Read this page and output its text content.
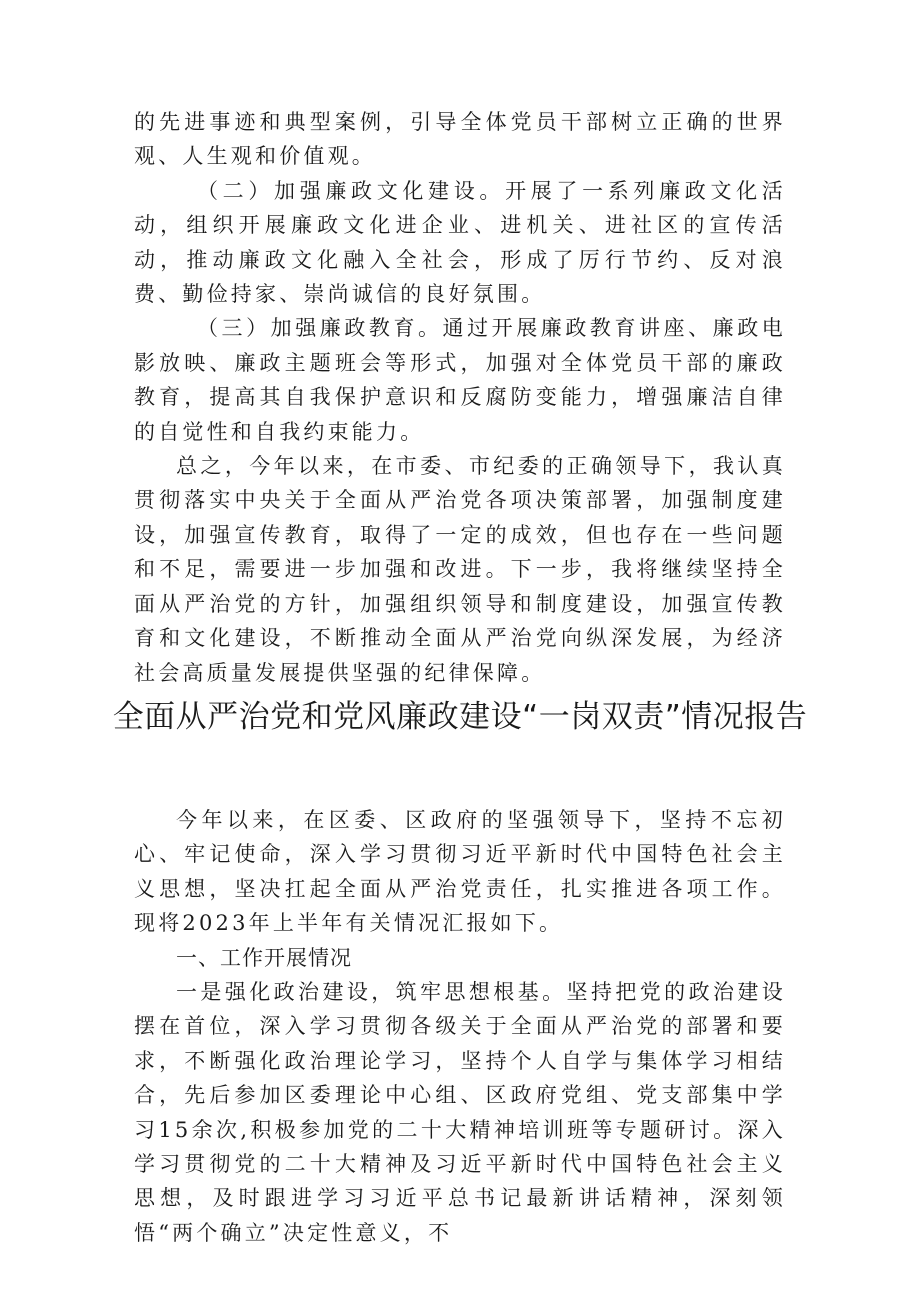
的先进事迹和典型案例，引导全体党员干部树立正确的世界观、人生观和价值观。

（二）加强廉政文化建设。开展了一系列廉政文化活动，组织开展廉政文化进企业、进机关、进社区的宣传活动，推动廉政文化融入全社会，形成了厉行节约、反对浪费、勤俭持家、崇尚诚信的良好氛围。

（三）加强廉政教育。通过开展廉政教育讲座、廉政电影放映、廉政主题班会等形式，加强对全体党员干部的廉政教育，提高其自我保护意识和反腐防变能力，增强廉洁自律的自觉性和自我约束能力。

总之，今年以来，在市委、市纪委的正确领导下，我认真贯彻落实中央关于全面从严治党各项决策部署，加强制度建设，加强宣传教育，取得了一定的成效，但也存在一些问题和不足，需要进一步加强和改进。下一步，我将继续坚持全面从严治党的方针，加强组织领导和制度建设，加强宣传教育和文化建设，不断推动全面从严治党向纵深发展，为经济社会高质量发展提供坚强的纪律保障。

全面从严治党和党风廉政建设“一岗双责”情况报告

今年以来，在区委、区政府的坚强领导下，坚持不忘初心、牢记使命，深入学习贯彻习近平新时代中国特色社会主义思想，坚决扛起全面从严治党责任，扎实推进各项工作。现将2023年上半年有关情况汇报如下。

一、工作开展情况

一是强化政治建设，筑牢思想根基。坚持把党的政治建设摆在首位，深入学习贯彻各级关于全面从严治党的部署和要求，不断强化政治理论学习，坚持个人自学与集体学习相结合，先后参加区委理论中心组、区政府党组、党支部集中学习15余次,积极参加党的二十大精神培训班等专题研讨。深入学习贯彻党的二十大精神及习近平新时代中国特色社会主义思想，及时跟进学习习近平总书记最新讲话精神，深刻领悟“两个确立”决定性意义，不
